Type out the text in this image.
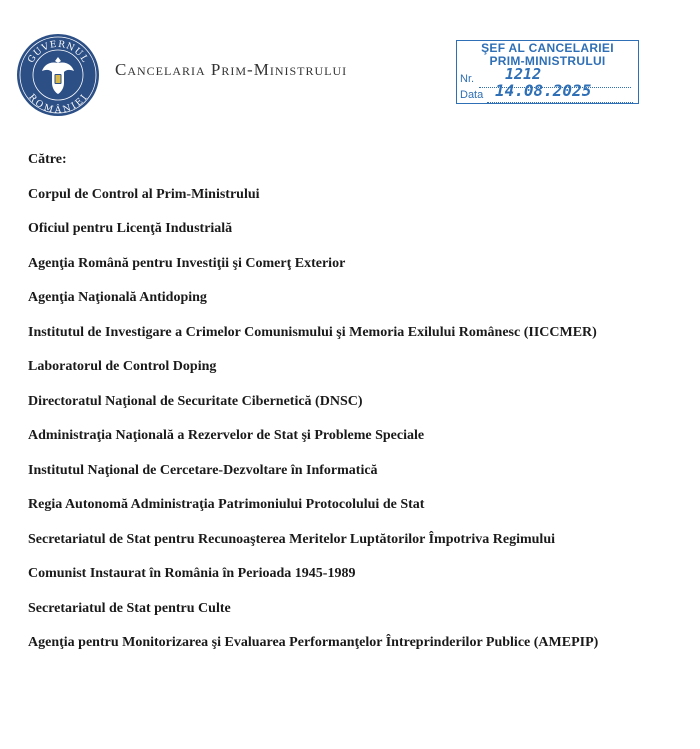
GUVERNUL
ROMÂNIEI
Cancelaria Prim-Ministrului
ŞEF AL CANCELARIEI
PRIM-MINISTRULUI
Nr. 1212
Data 14.08.2025
Către:
Corpul de Control al Prim-Ministrului
Oficiul pentru Licenţă Industrială
Agenţia Română pentru Investiţii şi Comerţ Exterior
Agenţia Naţională Antidoping
Institutul de Investigare a Crimelor Comunismului şi Memoria Exilului Românesc (IICCMER)
Laboratorul de Control Doping
Directoratul Naţional de Securitate Cibernetică (DNSC)
Administraţia Naţională a Rezervelor de Stat şi Probleme Speciale
Institutul Naţional de Cercetare-Dezvoltare în Informatică
Regia Autonomă Administraţia Patrimoniului Protocolului de Stat
Secretariatul de Stat pentru Recunoaşterea Meritelor Luptătorilor Împotriva Regimului
Comunist Instaurat în România în Perioada 1945-1989
Secretariatul de Stat pentru Culte
Agenţia pentru Monitorizarea şi Evaluarea Performanţelor Întreprinderilor Publice (AMEPIP)
